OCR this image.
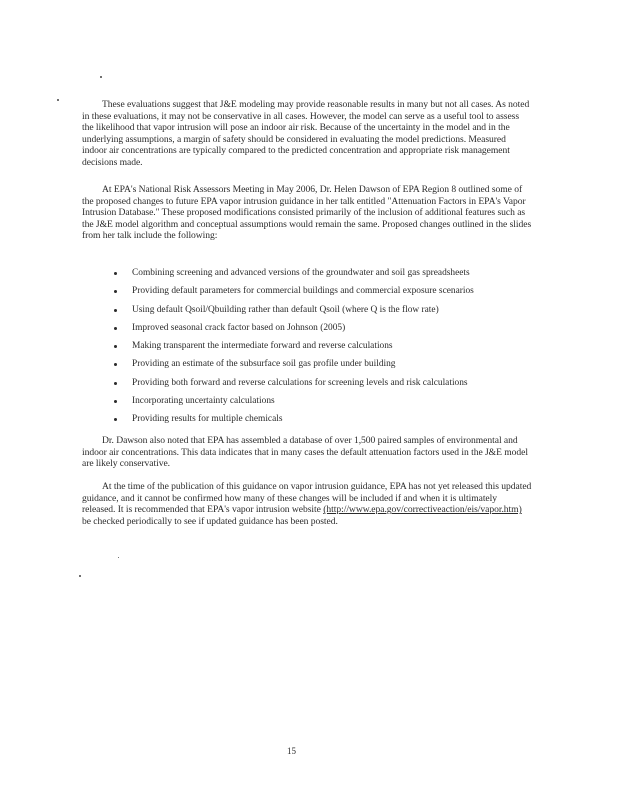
These evaluations suggest that J&E modeling may provide reasonable results in many but not all cases. As noted in these evaluations, it may not be conservative in all cases. However, the model can serve as a useful tool to assess the likelihood that vapor intrusion will pose an indoor air risk. Because of the uncertainty in the model and in the underlying assumptions, a margin of safety should be considered in evaluating the model predictions. Measured indoor air concentrations are typically compared to the predicted concentration and appropriate risk management decisions made.

At EPA's National Risk Assessors Meeting in May 2006, Dr. Helen Dawson of EPA Region 8 outlined some of the proposed changes to future EPA vapor intrusion guidance in her talk entitled "Attenuation Factors in EPA's Vapor Intrusion Database." These proposed modifications consisted primarily of the inclusion of additional features such as the J&E model algorithm and conceptual assumptions would remain the same. Proposed changes outlined in the slides from her talk include the following:

Combining screening and advanced versions of the groundwater and soil gas spreadsheets
Providing default parameters for commercial buildings and commercial exposure scenarios
Using default Qsoil/Qbuilding rather than default Qsoil (where Q is the flow rate)
Improved seasonal crack factor based on Johnson (2005)
Making transparent the intermediate forward and reverse calculations
Providing an estimate of the subsurface soil gas profile under building
Providing both forward and reverse calculations for screening levels and risk calculations
Incorporating uncertainty calculations
Providing results for multiple chemicals

Dr. Dawson also noted that EPA has assembled a database of over 1,500 paired samples of environmental and indoor air concentrations. This data indicates that in many cases the default attenuation factors used in the J&E model are likely conservative.

At the time of the publication of this guidance on vapor intrusion guidance, EPA has not yet released this updated guidance, and it cannot be confirmed how many of these changes will be included if and when it is ultimately released. It is recommended that EPA's vapor intrusion website (http://www.epa.gov/correctiveaction/eis/vapor.htm) be checked periodically to see if updated guidance has been posted.

15
